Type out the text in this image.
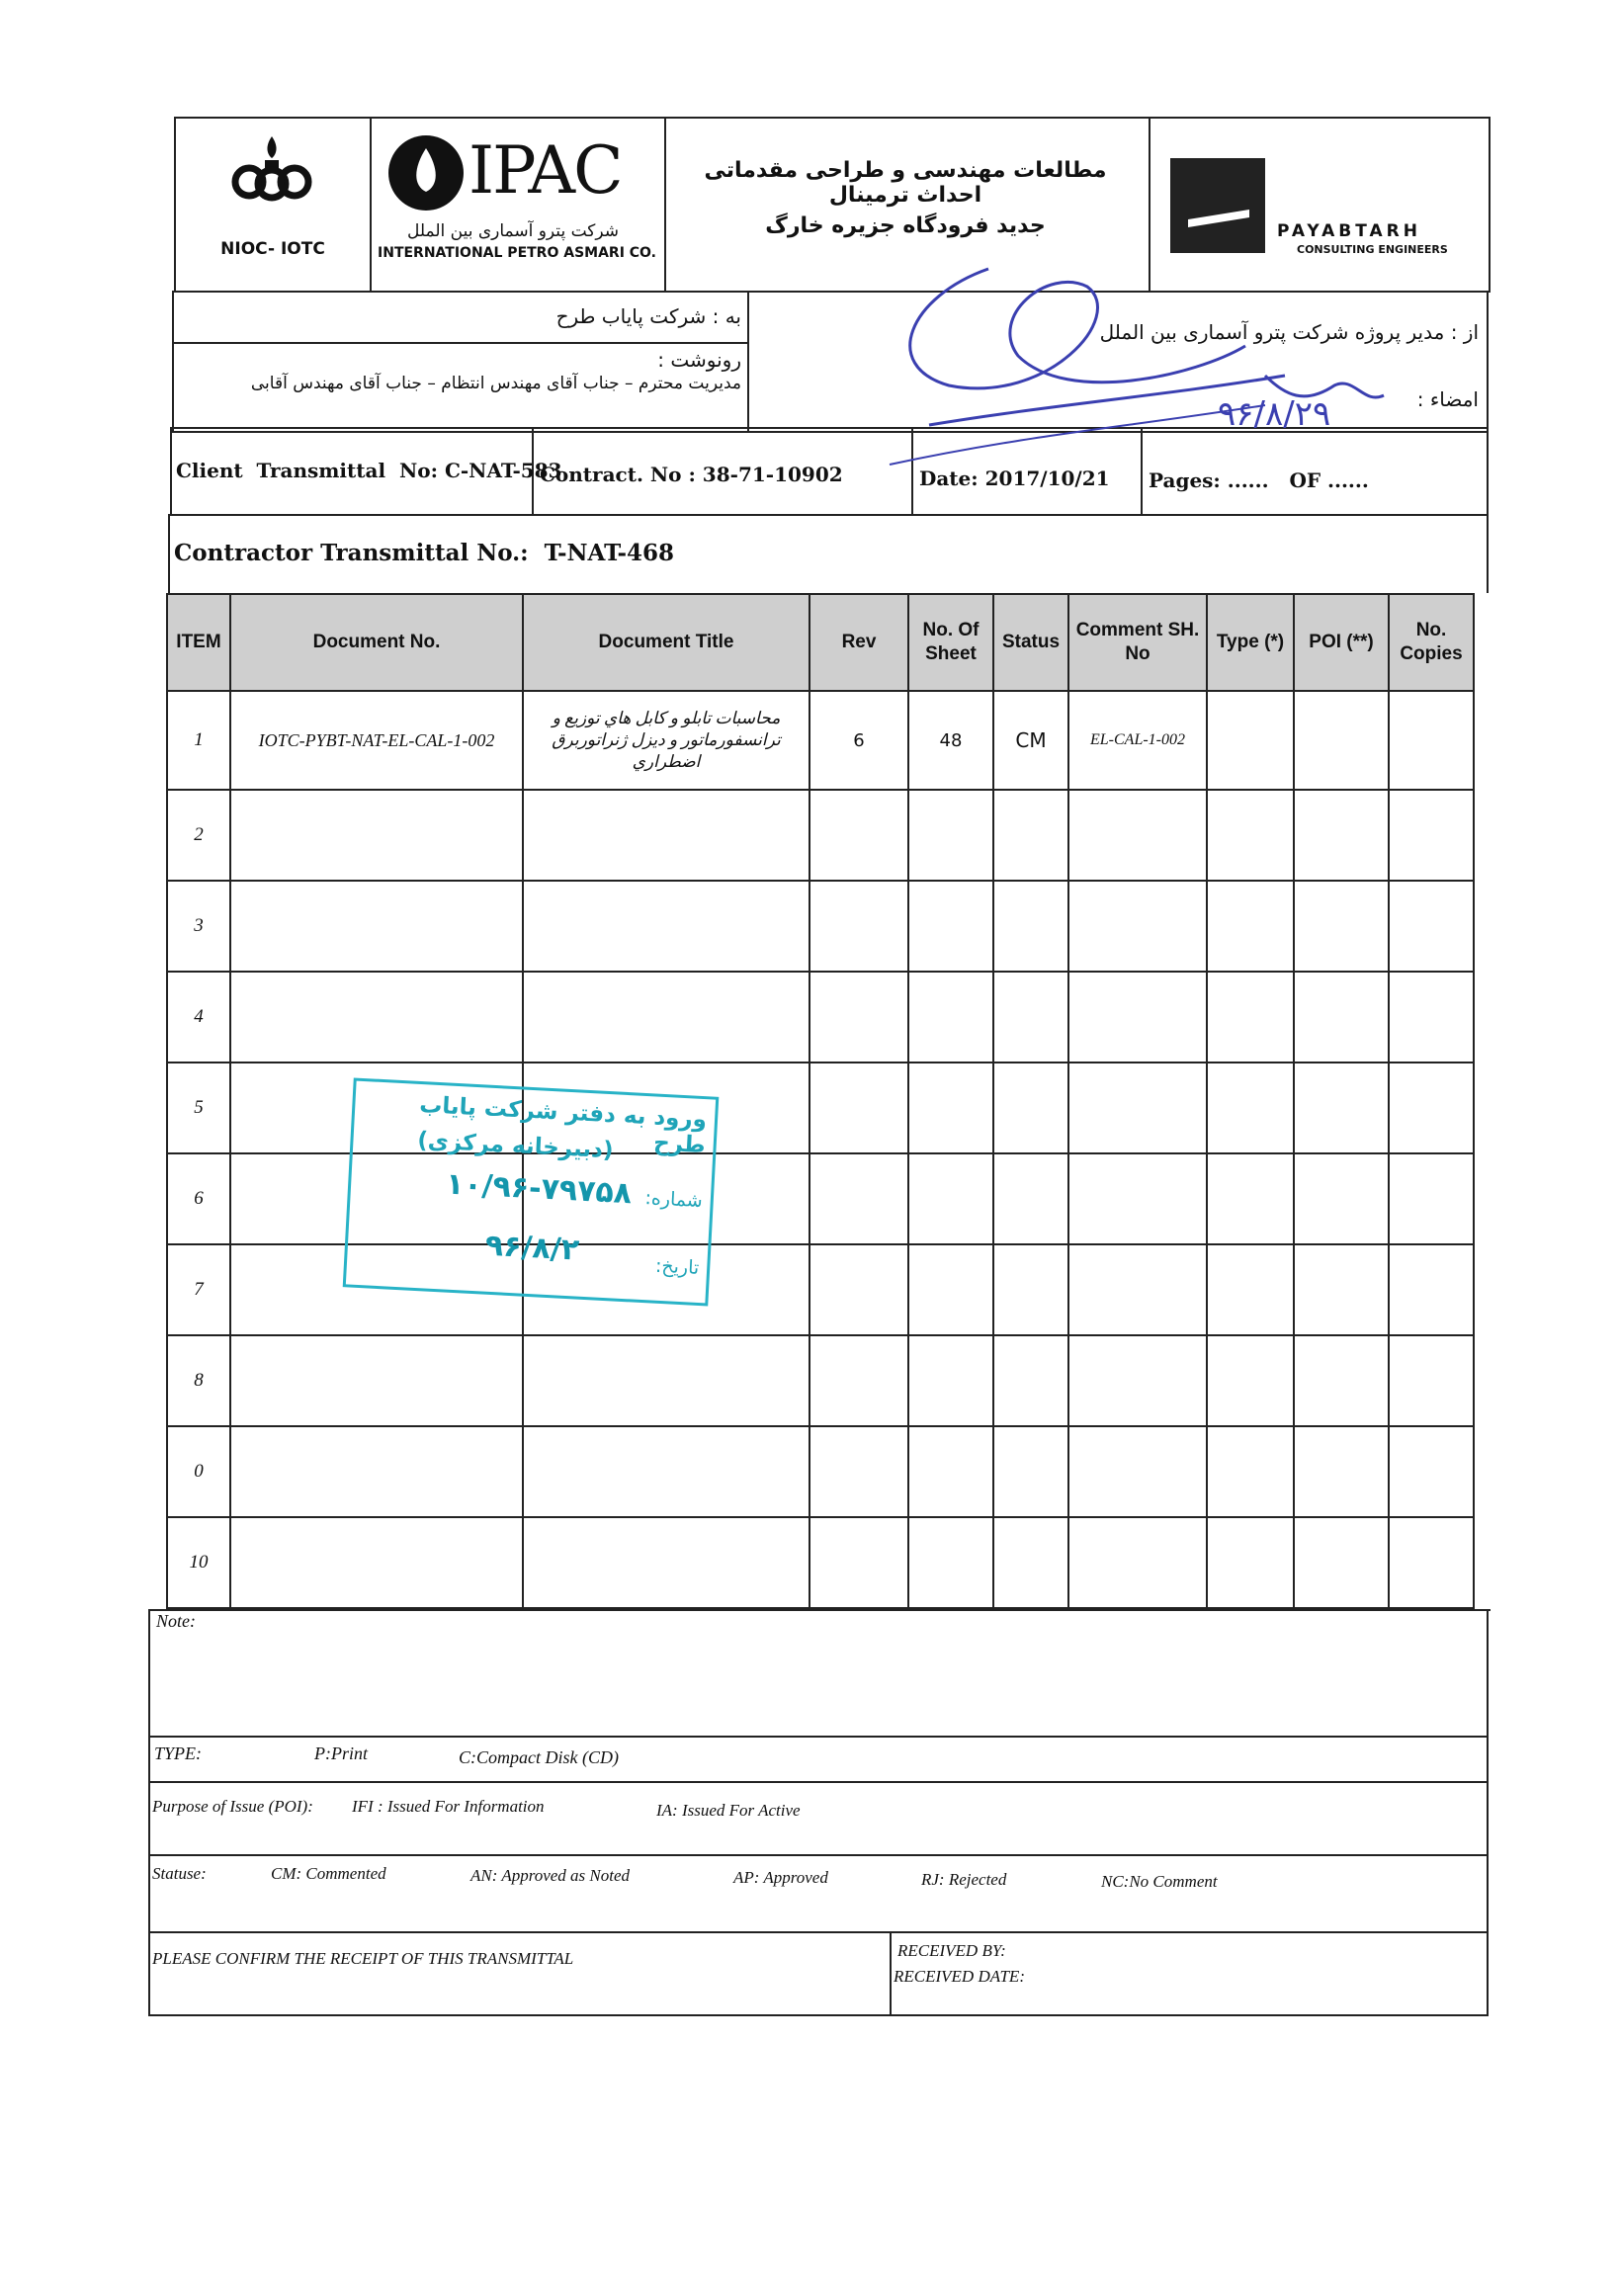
NIOC- IOTC
IPAC
شرکت پترو آسماری بین الملل
INTERNATIONAL PETRO ASMARI CO.
مطالعات مهندسی و طراحی مقدماتی احداث ترمینال
جدید فرودگاه جزیره خارگ	PAYABTARH
CONSULTING ENGINEERS
به : شرکت پایاب طرح
رونوشت :
مدیریت محترم – جناب آقای مهندس انتظام – جناب آقای مهندس آقابی
از : مدیر پروژه شرکت پترو آسماری بین الملل
امضاء :
Client  Transmittal  No: C-NAT-583
Contract. No : 38-71-10902	Date: 2017/10/21 Pages: ......   OF ......
Contractor Transmittal No.:  T-NAT-468
ITEM	Document No.	Document Title	Rev	No. Of Sheet	Status	Comment SH. No	Type (*)	POI (**)	No. Copies
1	IOTC-PYBT-NAT-EL-CAL-1-002	محاسبات تابلو و کابل هاي توزيع و ترانسفورماتور و ديزل ژنراتوربرق اضطراري	6	48	CM	EL-CAL-1-002			
2									
3									
4									
5									
6									
7									
8									
0									
10									
ورود به دفتر شرکت پایاب طرح
(دبیرخانه مرکزی)
شماره:
۱۰/۹۶-۷۹۷۵۸
تاریخ:
۹۶/۸/۲
Note:
TYPE:	P:Print	C:Compact Disk (CD)
Purpose of Issue (POI): IFI : Issued For Information	IA: Issued For Active
Statuse:	CM: Commented	AN: Approved as Noted	AP: Approved	RJ: Rejected	NC:No Comment
PLEASE CONFIRM THE RECEIPT OF THIS TRANSMITTAL	RECEIVED BY:
RECEIVED DATE:
۹۶/۸/۲۹
